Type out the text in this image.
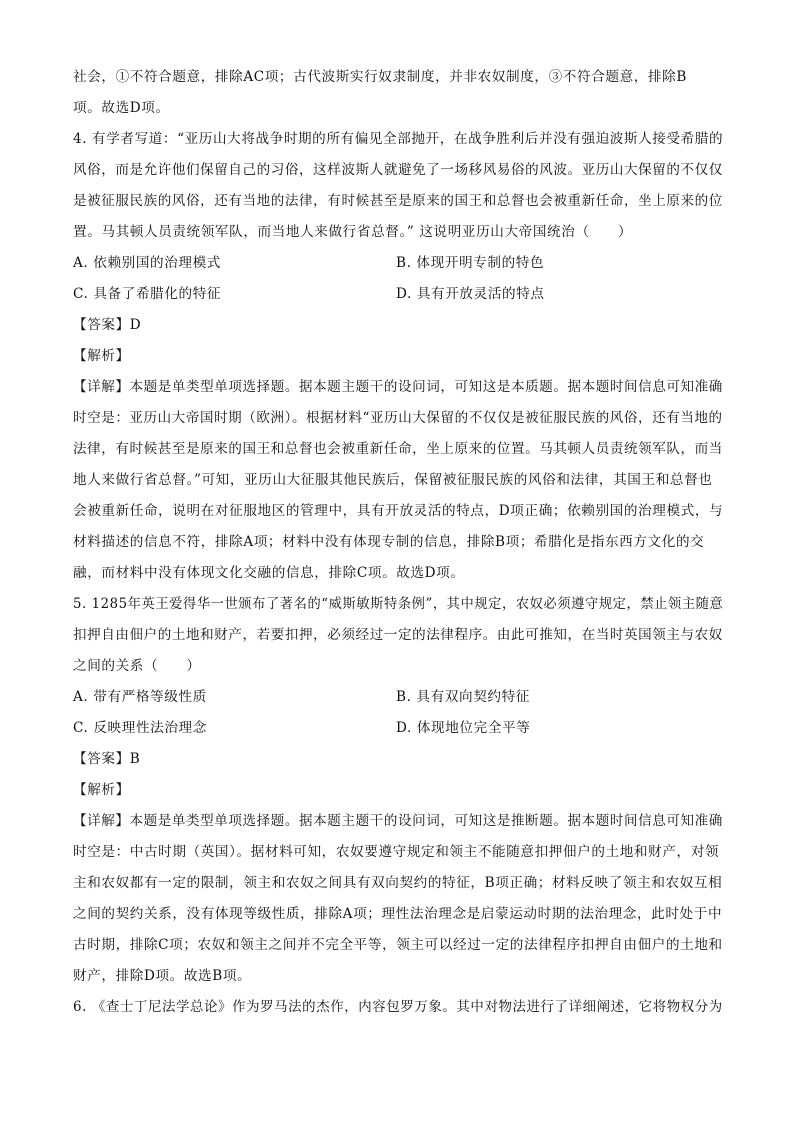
社会，①不符合题意，排除AC项；古代波斯实行奴隶制度，并非农奴制度，③不符合题意，排除B
项。故选D项。
4. 有学者写道：“亚历山大将战争时期的所有偏见全部抛开，在战争胜利后并没有强迫波斯人接受希腊的
风俗，而是允许他们保留自己的习俗，这样波斯人就避免了一场移风易俗的风波。亚历山大保留的不仅仅
是被征服民族的风俗，还有当地的法律，有时候甚至是原来的国王和总督也会被重新任命，坐上原来的位
置。马其顿人员责统领军队，而当地人来做行省总督。” 这说明亚历山大帝国统治（　　）
A. 依赖别国的治理模式	B. 体现开明专制的特色
C. 具备了希腊化的特征	D. 具有开放灵活的特点
【答案】D
【解析】
【详解】本题是单类型单项选择题。据本题主题干的设问词，可知这是本质题。据本题时间信息可知准确
时空是：亚历山大帝国时期（欧洲）。根据材料“亚历山大保留的不仅仅是被征服民族的风俗，还有当地的
法律，有时候甚至是原来的国王和总督也会被重新任命，坐上原来的位置。马其顿人员责统领军队，而当
地人来做行省总督。”可知，亚历山大征服其他民族后，保留被征服民族的风俗和法律，其国王和总督也
会被重新任命，说明在对征服地区的管理中，具有开放灵活的特点，D项正确；依赖别国的治理模式，与
材料描述的信息不符，排除A项；材料中没有体现专制的信息，排除B项；希腊化是指东西方文化的交
融，而材料中没有体现文化交融的信息，排除C项。故选D项。
5. 1285年英王爱得华一世颁布了著名的“威斯敏斯特条例”，其中规定，农奴必须遵守规定，禁止领主随意
扣押自由佃户的土地和财产，若要扣押，必须经过一定的法律程序。由此可推知，在当时英国领主与农奴
之间的关系（　　）
A. 带有严格等级性质	B. 具有双向契约特征
C. 反映理性法治理念	D. 体现地位完全平等
【答案】B
【解析】
【详解】本题是单类型单项选择题。据本题主题干的设问词，可知这是推断题。据本题时间信息可知准确
时空是：中古时期（英国）。据材料可知，农奴要遵守规定和领主不能随意扣押佃户的土地和财产，对领
主和农奴都有一定的限制，领主和农奴之间具有双向契约的特征，B项正确；材料反映了领主和农奴互相
之间的契约关系，没有体现等级性质，排除A项；理性法治理念是启蒙运动时期的法治理念，此时处于中
古时期，排除C项；农奴和领主之间并不完全平等，领主可以经过一定的法律程序扣押自由佃户的土地和
财产，排除D项。故选B项。
6. 《查士丁尼法学总论》作为罗马法的杰作，内容包罗万象。其中对物法进行了详细阐述，它将物权分为
